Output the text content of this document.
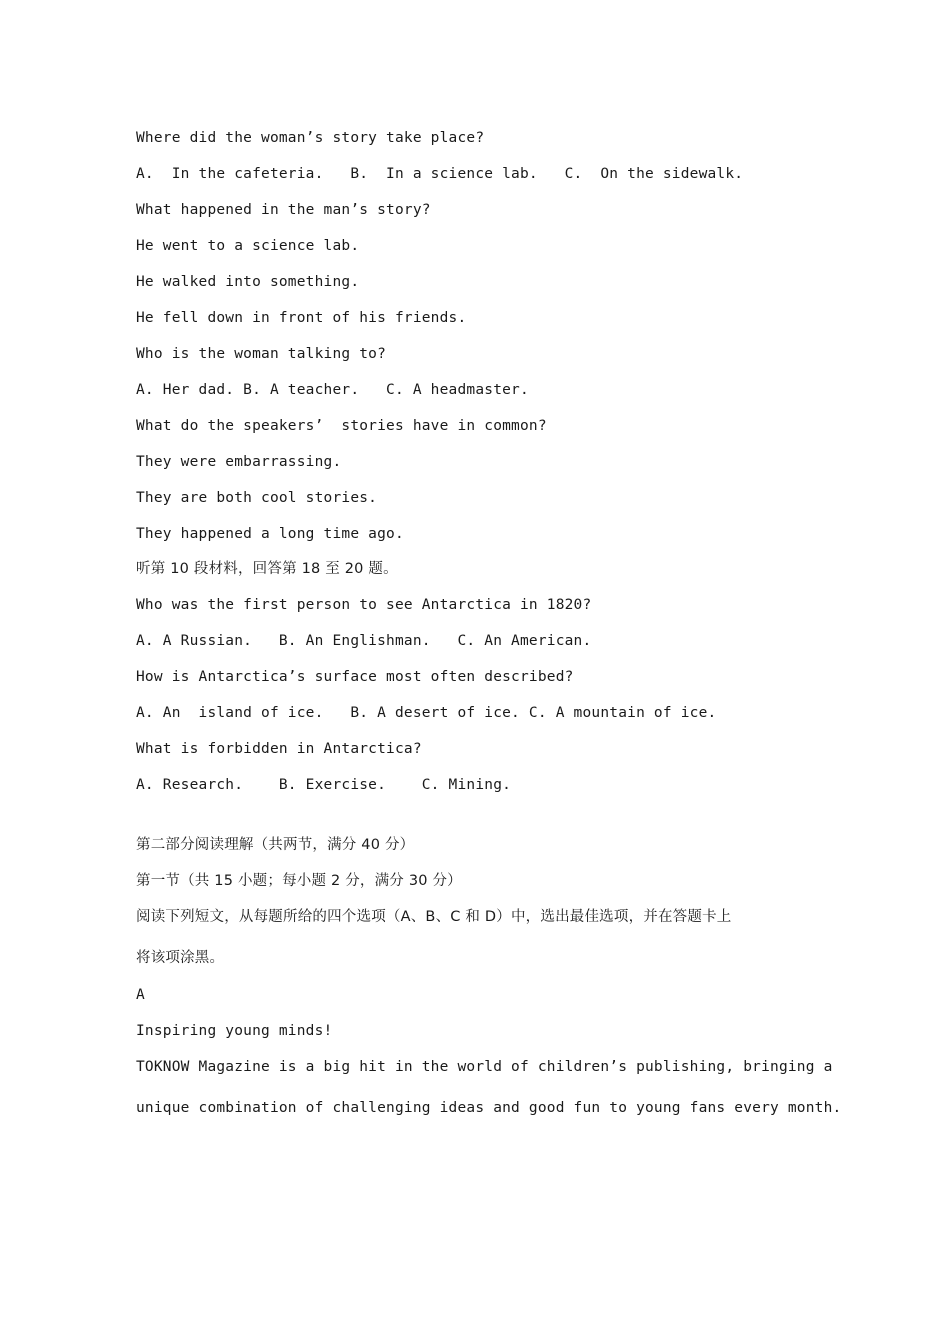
Where did the woman’s story take place?
A.  In the cafeteria.   B.  In a science lab.   C.  On the sidewalk.
What happened in the man’s story?
He went to a science lab.
He walked into something.
He fell down in front of his friends.
Who is the woman talking to?
A. Her dad. B. A teacher.   C. A headmaster.
What do the speakers’  stories have in common?
They were embarrassing.
They are both cool stories.
They happened a long time ago.
听第 10 段材料，回答第 18 至 20 题。
Who was the first person to see Antarctica in 1820?
A. A Russian.   B. An Englishman.   C. An American.
How is Antarctica’s surface most often described?
A. An  island of ice.   B. A desert of ice. C. A mountain of ice.
What is forbidden in Antarctica?
A. Research.    B. Exercise.    C. Mining.
第二部分阅读理解（共两节，满分 40 分）
第一节（共 15 小题；每小题 2 分，满分 30 分）
阅读下列短文，从每题所给的四个选项（A、B、C 和 D）中，选出最佳选项，并在答题卡上
将该项涂黑。
A
Inspiring young minds!
TOKNOW Magazine is a big hit in the world of children’s publishing, bringing a
unique combination of challenging ideas and good fun to young fans every month.
